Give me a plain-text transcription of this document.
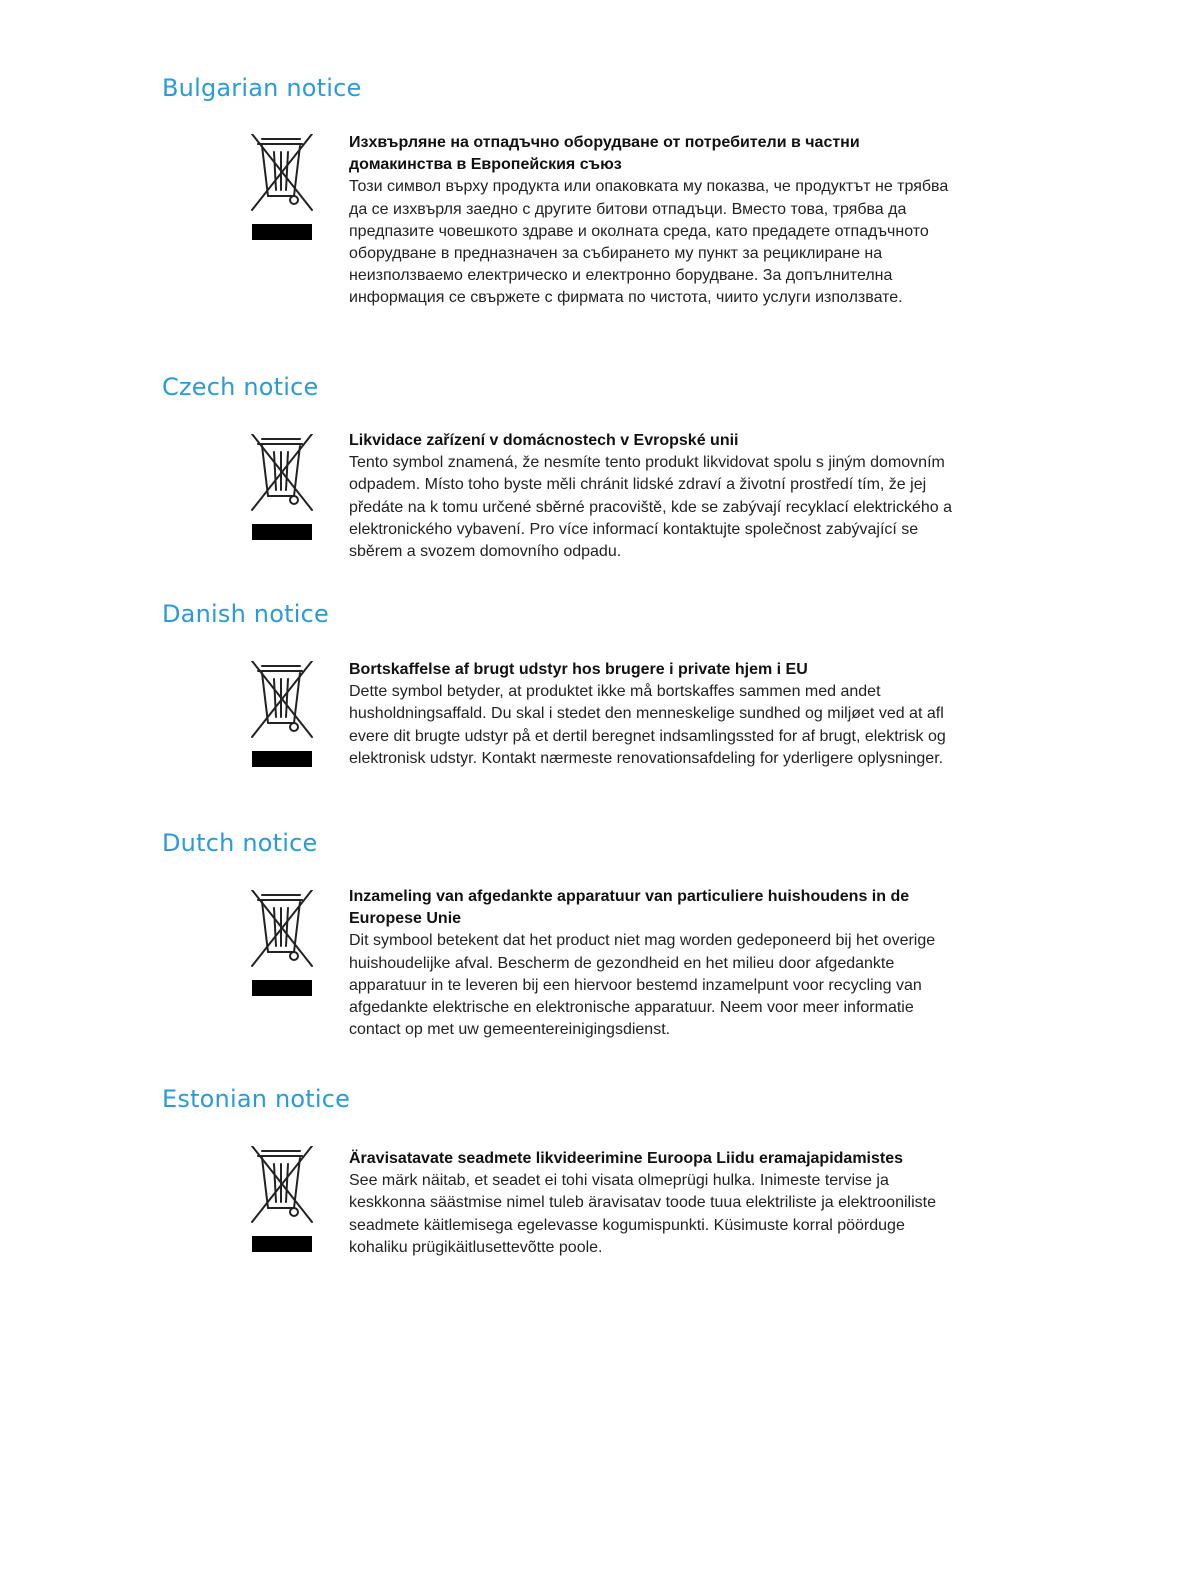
Bulgarian notice

Изхвърляне на отпадъчно оборудване от потребители в частни домакинства в Европейския съюз

Този символ върху продукта или опаковката му показва, че продуктът не трябва да се изхвърля заедно с другите битови отпадъци. Вместо това, трябва да предпазите човешкото здраве и околната среда, като предадете отпадъчното оборудване в предназначен за събирането му пункт за рециклиране на неизползваемо електрическо и електронно борудване. За допълнителна информация се свържете с фирмата по чистота, чиито услуги използвате.

Czech notice

Likvidace zařízení v domácnostech v Evropské unii

Tento symbol znamená, že nesmíte tento produkt likvidovat spolu s jiným domovním odpadem. Místo toho byste měli chránit lidské zdraví a životní prostředí tím, že jej předáte na k tomu určené sběrné pracoviště, kde se zabývají recyklací elektrického a elektronického vybavení. Pro více informací kontaktujte společnost zabývající se sběrem a svozem domovního odpadu.

Danish notice

Bortskaffelse af brugt udstyr hos brugere i private hjem i EU

Dette symbol betyder, at produktet ikke må bortskaffes sammen med andet husholdningsaffald. Du skal i stedet den menneskelige sundhed og miljøet ved at afl evere dit brugte udstyr på et dertil beregnet indsamlingssted for af brugt, elektrisk og elektronisk udstyr. Kontakt nærmeste renovationsafdeling for yderligere oplysninger.

Dutch notice

Inzameling van afgedankte apparatuur van particuliere huishoudens in de Europese Unie

Dit symbool betekent dat het product niet mag worden gedeponeerd bij het overige huishoudelijke afval. Bescherm de gezondheid en het milieu door afgedankte apparatuur in te leveren bij een hiervoor bestemd inzamelpunt voor recycling van afgedankte elektrische en elektronische apparatuur. Neem voor meer informatie contact op met uw gemeentereinigingsdienst.

Estonian notice

Äravisatavate seadmete likvideerimine Euroopa Liidu eramajapidamistes

See märk näitab, et seadet ei tohi visata olmeprügi hulka. Inimeste tervise ja keskkonna säästmise nimel tuleb äravisatav toode tuua elektriliste ja elektrooniliste seadmete käitlemisega egelevasse kogumispunkti. Küsimuste korral pöörduge kohaliku prügikäitlusettevõtte poole.
